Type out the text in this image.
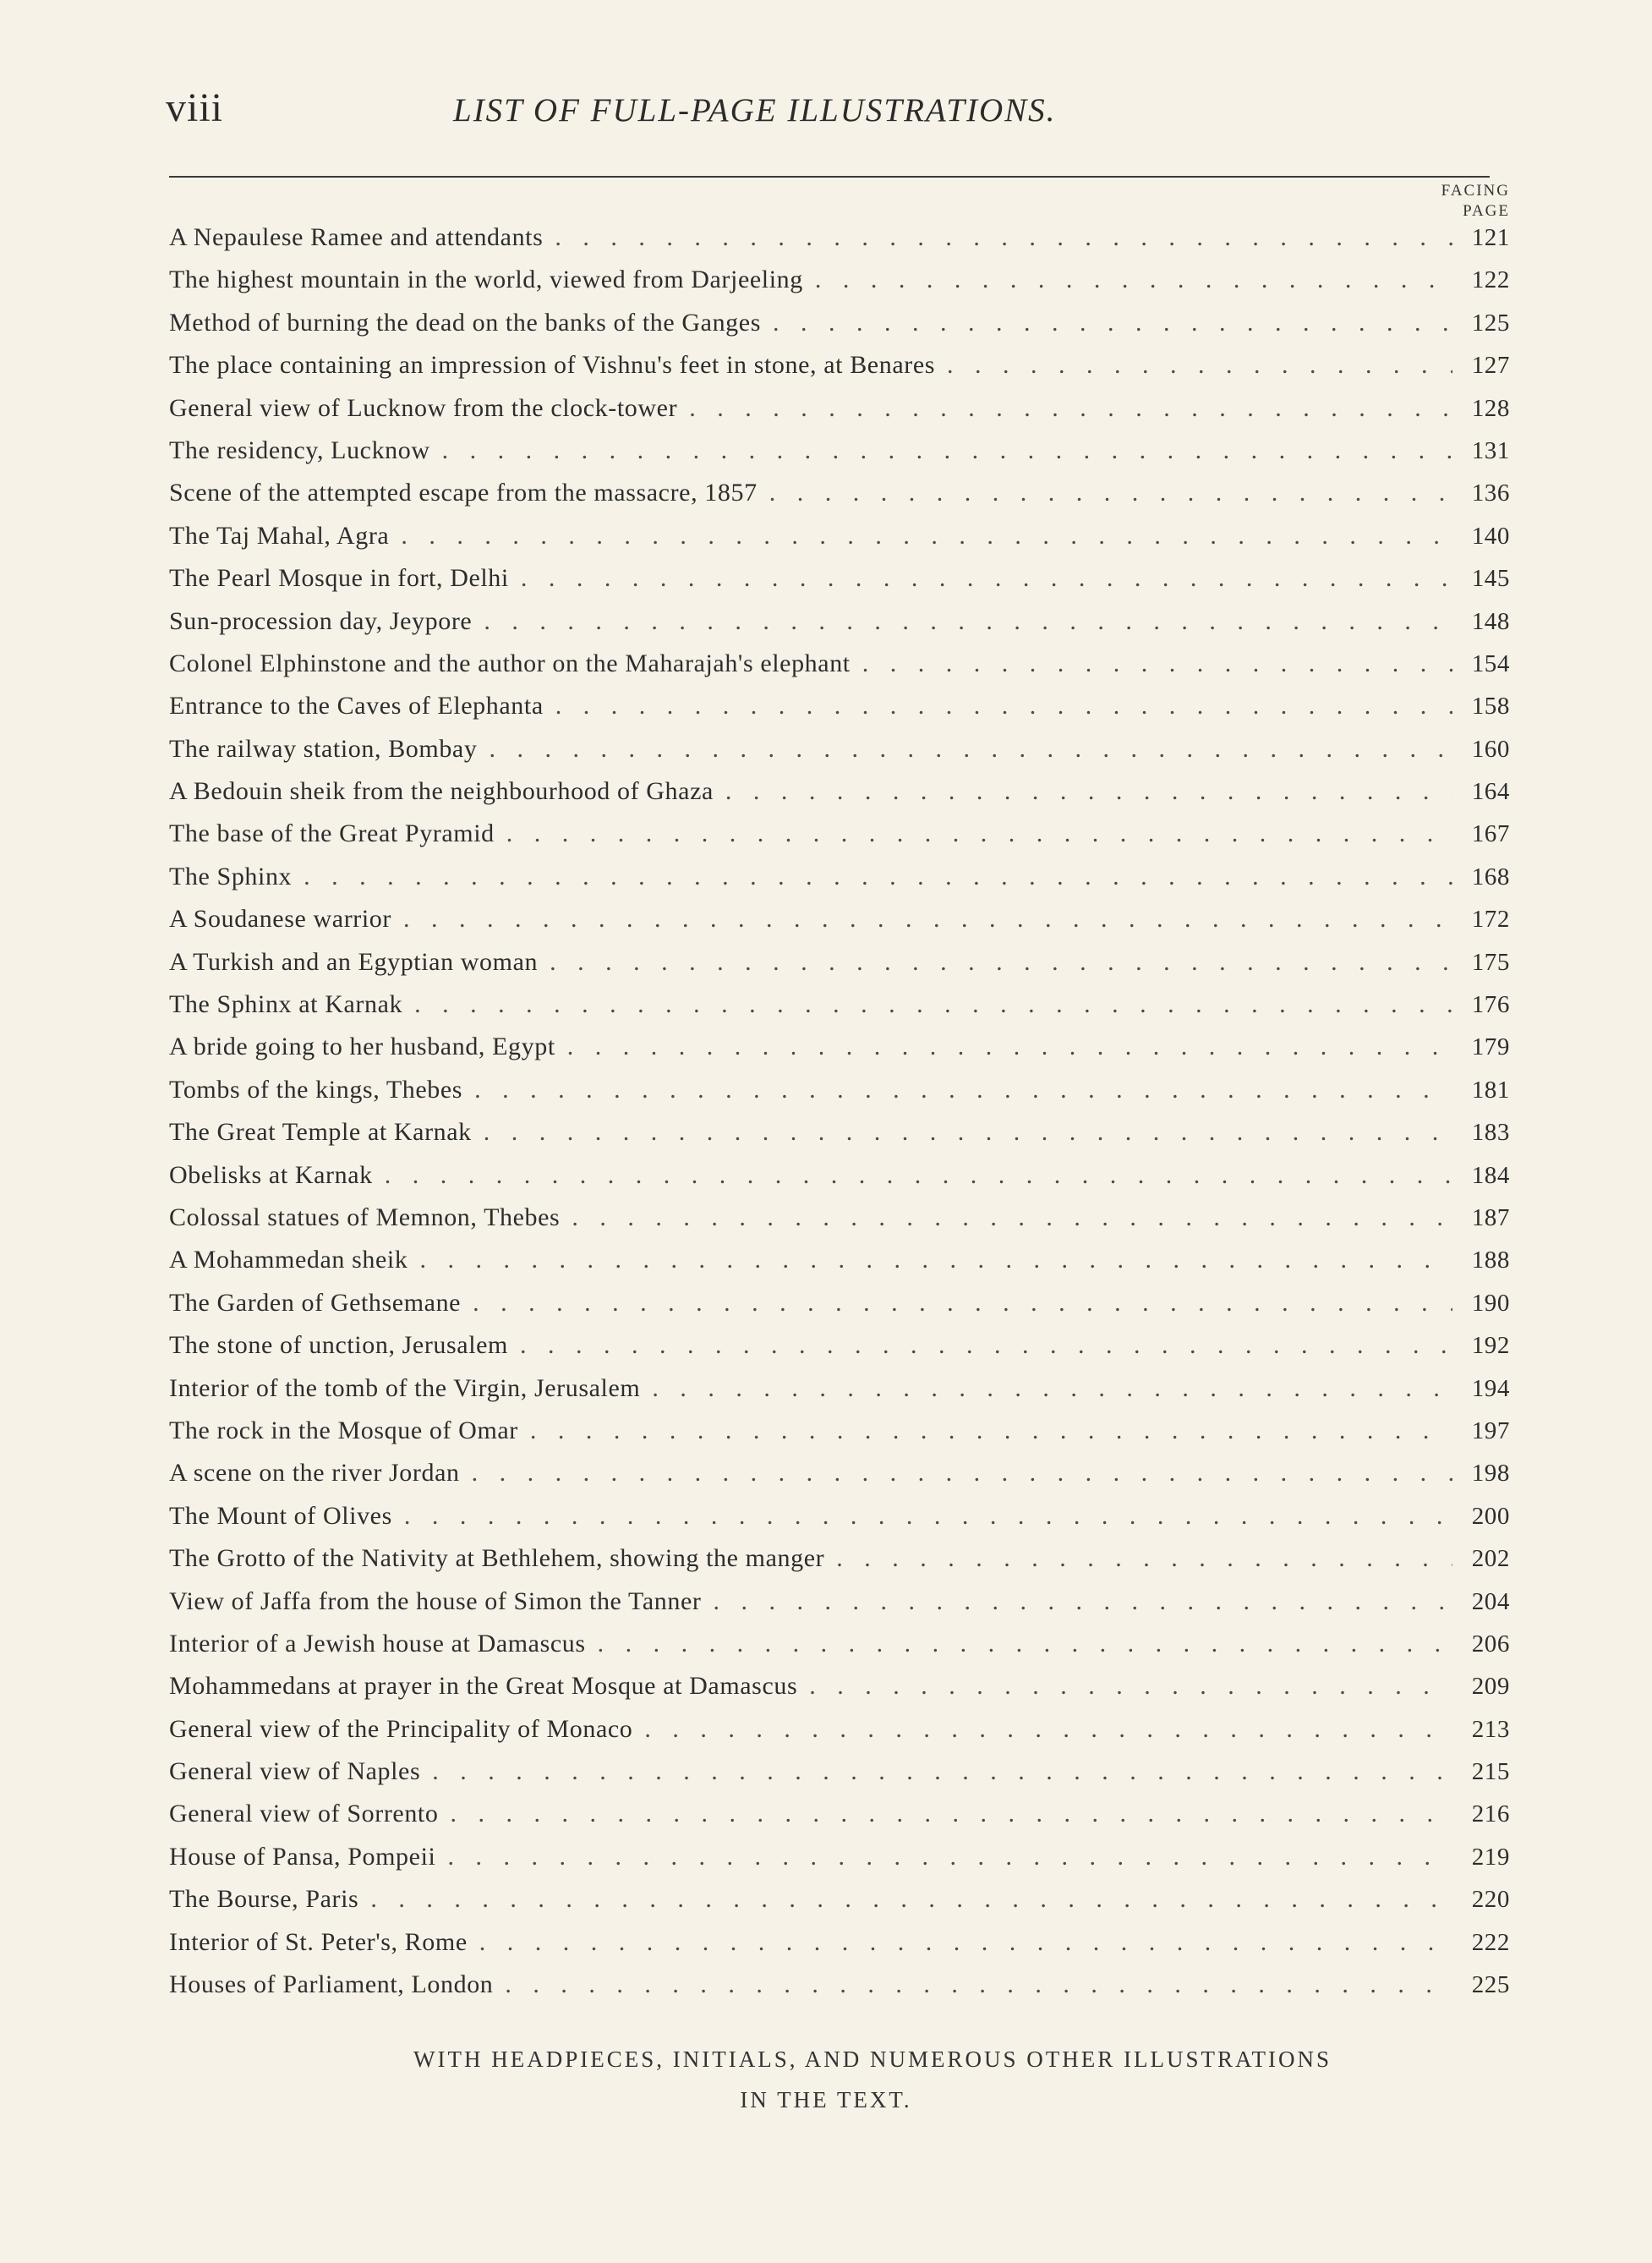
viii	LIST OF FULL-PAGE ILLUSTRATIONS.
FACING
PAGE
A Nepaulese Ramee and attendants . . .	121
The highest mountain in the world, viewed from Darjeeling . . .	122
Method of burning the dead on the banks of the Ganges . . .	125
The place containing an impression of Vishnu's feet in stone, at Benares . . .	127
General view of Lucknow from the clock-tower . . .	128
The residency, Lucknow . . .	131
Scene of the attempted escape from the massacre, 1857 . . .	136
The Taj Mahal, Agra . . .	140
The Pearl Mosque in fort, Delhi . . .	145
Sun-procession day, Jeypore . . .	148
Colonel Elphinstone and the author on the Maharajah's elephant . . .	154
Entrance to the Caves of Elephanta . . .	158
The railway station, Bombay . . .	160
A Bedouin sheik from the neighbourhood of Ghaza . . .	164
The base of the Great Pyramid . . .	167
The Sphinx . . .	168
A Soudanese warrior . . .	172
A Turkish and an Egyptian woman . . .	175
The Sphinx at Karnak . . .	176
A bride going to her husband, Egypt . . .	179
Tombs of the kings, Thebes . . .	181
The Great Temple at Karnak . . .	183
Obelisks at Karnak . . .	184
Colossal statues of Memnon, Thebes . . .	187
A Mohammedan sheik . . .	188
The Garden of Gethsemane . . .	190
The stone of unction, Jerusalem . . .	192
Interior of the tomb of the Virgin, Jerusalem . . .	194
The rock in the Mosque of Omar . . .	197
A scene on the river Jordan . . .	198
The Mount of Olives . . .	200
The Grotto of the Nativity at Bethlehem, showing the manger . . .	202
View of Jaffa from the house of Simon the Tanner . . .	204
Interior of a Jewish house at Damascus . . .	206
Mohammedans at prayer in the Great Mosque at Damascus . . .	209
General view of the Principality of Monaco . . .	213
General view of Naples . . .	215
General view of Sorrento . . .	216
House of Pansa, Pompeii . . .	219
The Bourse, Paris . . .	220
Interior of St. Peter's, Rome . . .	222
Houses of Parliament, London . . .	225
WITH HEADPIECES, INITIALS, AND NUMEROUS OTHER ILLUSTRATIONS
IN THE TEXT.
